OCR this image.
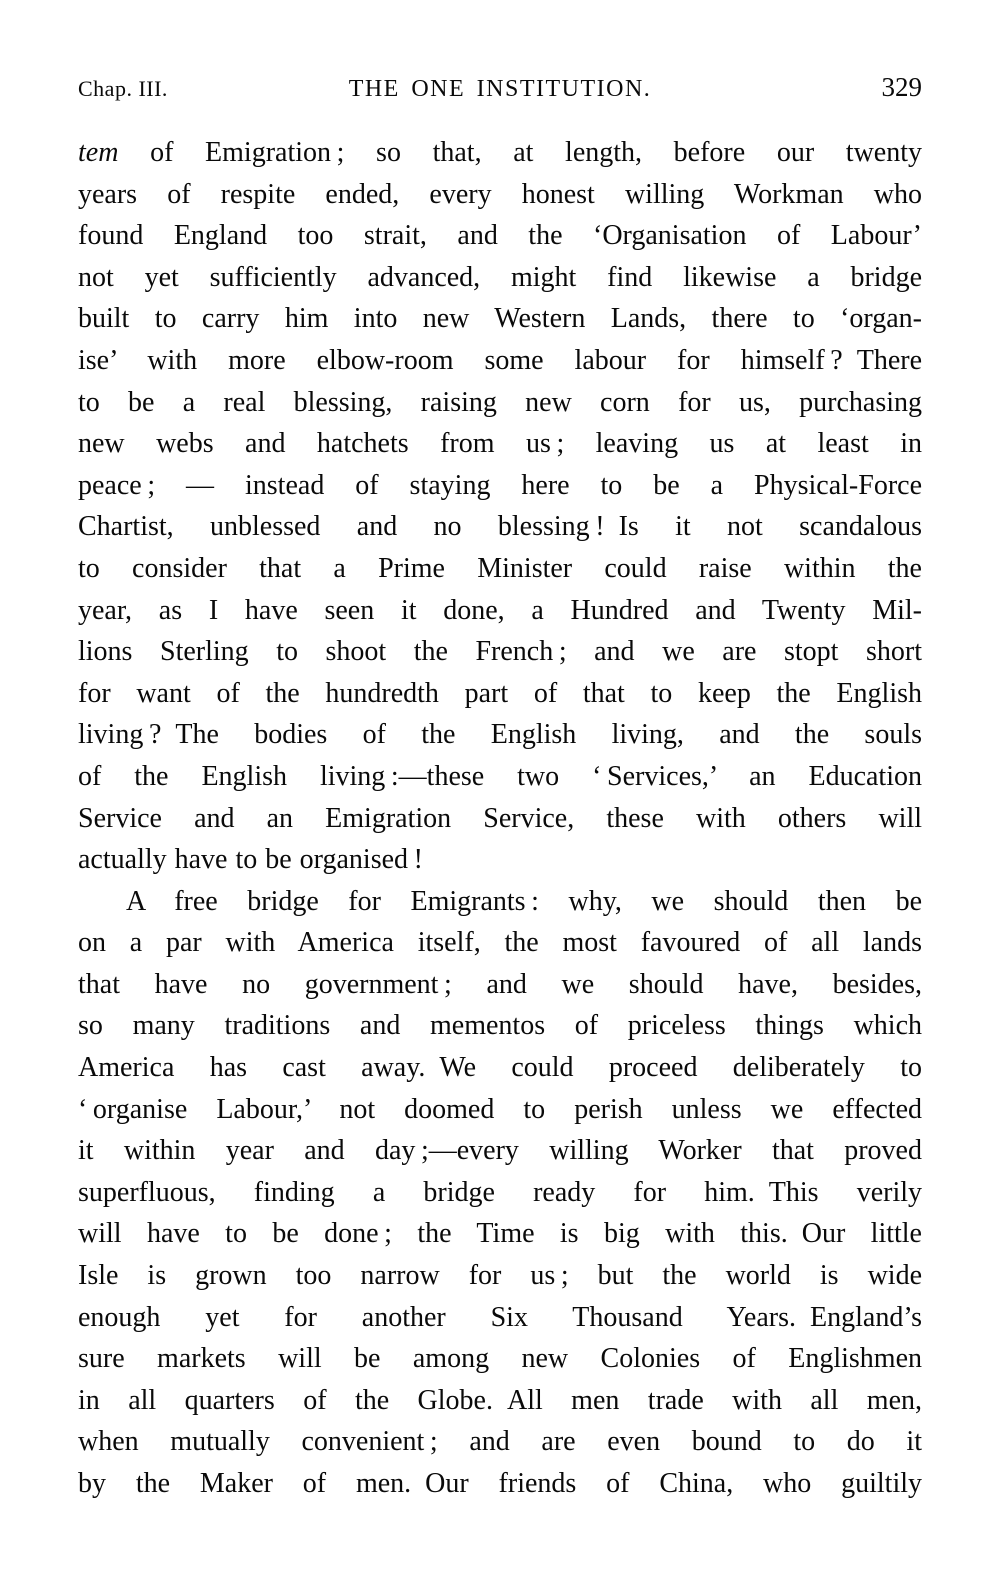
Chap. III.	THE ONE INSTITUTION.	329
tem of Emigration ; so that, at length, before our twenty
years of respite ended, every honest willing Workman who
found England too strait, and the ‘Organisation of Labour’
not yet sufficiently advanced, might find likewise a bridge
built to carry him into new Western Lands, there to ‘organ-
ise’ with more elbow-room some labour for himself ? There
to be a real blessing, raising new corn for us, purchasing
new webs and hatchets from us ; leaving us at least in
peace ; — instead of staying here to be a Physical-Force
Chartist, unblessed and no blessing ! Is it not scandalous
to consider that a Prime Minister could raise within the
year, as I have seen it done, a Hundred and Twenty Mil-
lions Sterling to shoot the French ; and we are stopt short
for want of the hundredth part of that to keep the English
living ? The bodies of the English living, and the souls
of the English living :—these two ‘ Services,’ an Education
Service and an Emigration Service, these with others will
actually have to be organised !
A free bridge for Emigrants : why, we should then be
on a par with America itself, the most favoured of all lands
that have no government ; and we should have, besides,
so many traditions and mementos of priceless things which
America has cast away. We could proceed deliberately to
‘ organise Labour,’ not doomed to perish unless we effected
it within year and day ;—every willing Worker that proved
superfluous, finding a bridge ready for him. This verily
will have to be done ; the Time is big with this. Our little
Isle is grown too narrow for us ; but the world is wide
enough yet for another Six Thousand Years. England’s
sure markets will be among new Colonies of Englishmen
in all quarters of the Globe. All men trade with all men,
when mutually convenient ; and are even bound to do it
by the Maker of men. Our friends of China, who guiltily
